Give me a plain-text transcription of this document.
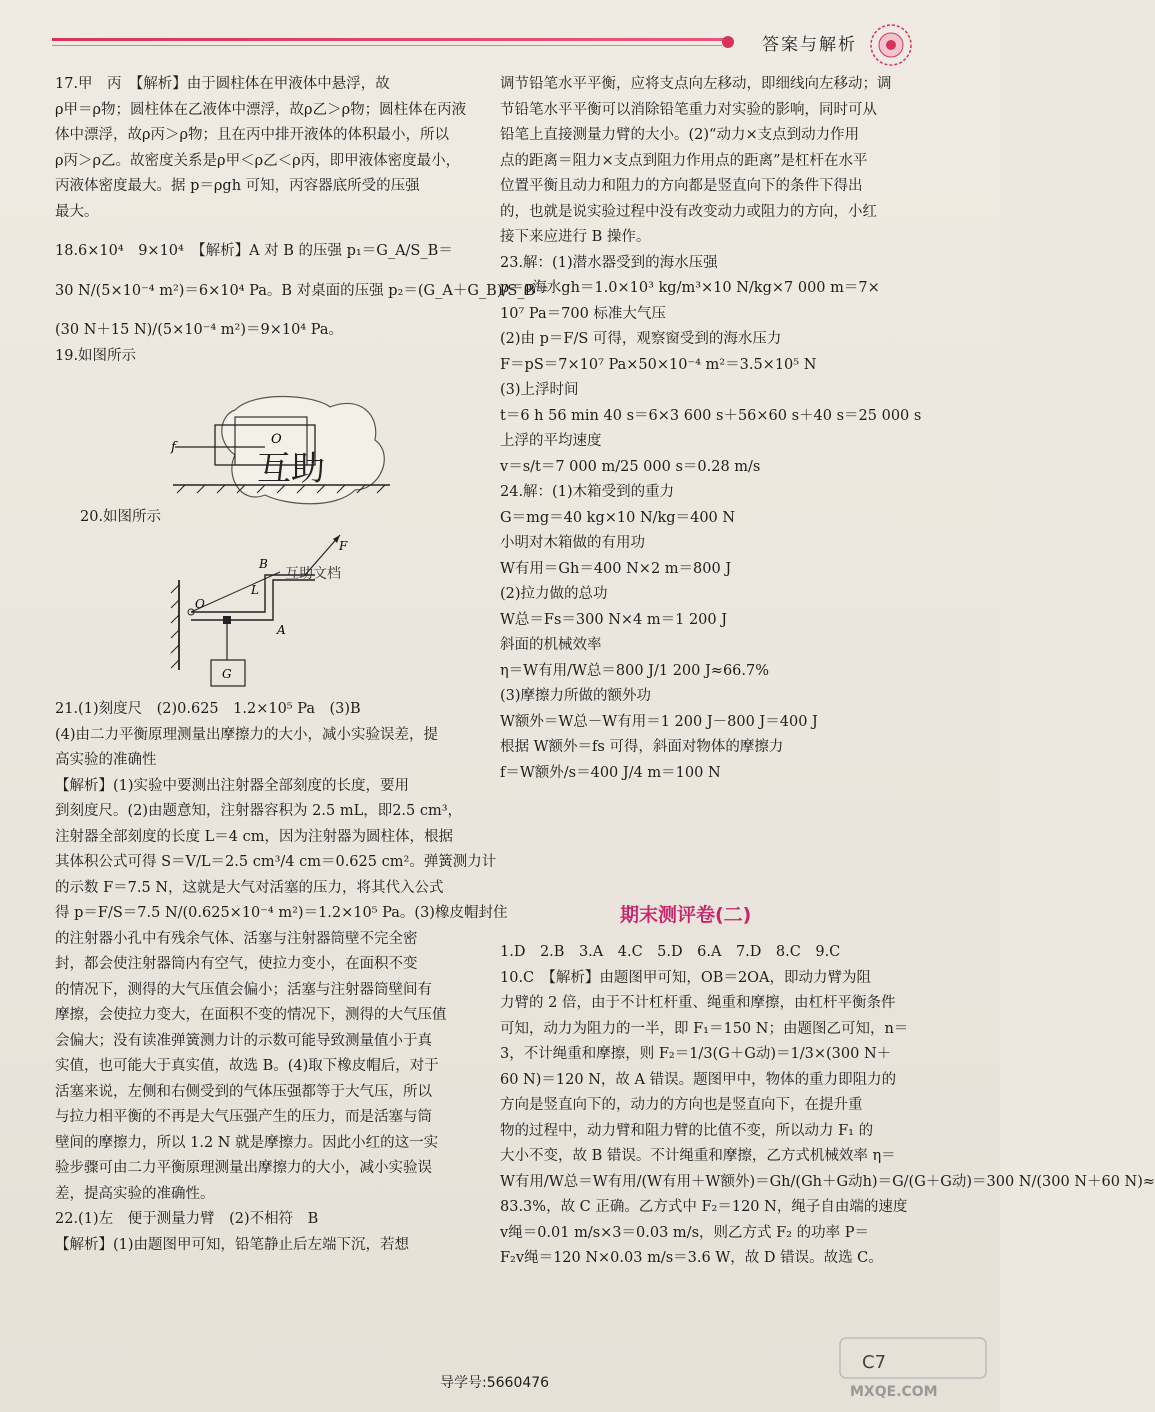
答案与解析

17.甲　丙　【解析】由于圆柱体在甲液体中悬浮，故

ρ甲＝ρ物；圆柱体在乙液体中漂浮，故ρ乙＞ρ物；圆柱体在丙液

体中漂浮，故ρ丙＞ρ物；且在丙中排开液体的体积最小，所以

ρ丙＞ρ乙。故密度关系是ρ甲＜ρ乙＜ρ丙，即甲液体密度最小，

丙液体密度最大。据 p＝ρgh 可知，丙容器底所受的压强

最大。

18.6×10⁴　9×10⁴　【解析】A 对 B 的压强 p₁＝G_A/S_B＝

30 N/(5×10⁻⁴ m²)＝6×10⁴ Pa。B 对桌面的压强 p₂＝(G_A＋G_B)/S_B＝

(30 N＋15 N)/(5×10⁻⁴ m²)＝9×10⁴ Pa。

19.如图所示

f
O
互助
20.如图所示
F
B
O
L
A
G
互助文档

21.(1)刻度尺　(2)0.625　1.2×10⁵ Pa　(3)B

(4)由二力平衡原理测量出摩擦力的大小，减小实验误差，提

高实验的准确性

【解析】(1)实验中要测出注射器全部刻度的长度，要用

到刻度尺。(2)由题意知，注射器容积为 2.5 mL，即2.5 cm³，

注射器全部刻度的长度 L＝4 cm，因为注射器为圆柱体，根据

其体积公式可得 S＝V/L＝2.5 cm³/4 cm＝0.625 cm²。弹簧测力计

的示数 F＝7.5 N，这就是大气对活塞的压力，将其代入公式

得 p＝F/S＝7.5 N/(0.625×10⁻⁴ m²)＝1.2×10⁵ Pa。(3)橡皮帽封住

的注射器小孔中有残余气体、活塞与注射器筒壁不完全密

封，都会使注射器筒内有空气，使拉力变小，在面积不变

的情况下，测得的大气压值会偏小；活塞与注射器筒壁间有

摩擦，会使拉力变大，在面积不变的情况下，测得的大气压值

会偏大；没有读准弹簧测力计的示数可能导致测量值小于真

实值，也可能大于真实值，故选 B。(4)取下橡皮帽后，对于

活塞来说，左侧和右侧受到的气体压强都等于大气压，所以

与拉力相平衡的不再是大气压强产生的压力，而是活塞与筒

壁间的摩擦力，所以 1.2 N 就是摩擦力。因此小红的这一实

验步骤可由二力平衡原理测量出摩擦力的大小，减小实验误

差，提高实验的准确性。

22.(1)左　便于测量力臂　(2)不相符　B

【解析】(1)由题图甲可知，铅笔静止后左端下沉，若想

调节铅笔水平平衡，应将支点向左移动，即细线向左移动；调

节铅笔水平平衡可以消除铅笔重力对实验的影响，同时可从

铅笔上直接测量力臂的大小。(2)“动力×支点到动力作用

点的距离＝阻力×支点到阻力作用点的距离”是杠杆在水平

位置平衡且动力和阻力的方向都是竖直向下的条件下得出

的，也就是说实验过程中没有改变动力或阻力的方向，小红

接下来应进行 B 操作。

23.解：(1)潜水器受到的海水压强

p＝ρ海水gh＝1.0×10³ kg/m³×10 N/kg×7 000 m＝7×

10⁷ Pa＝700 标准大气压

(2)由 p＝F/S 可得，观察窗受到的海水压力

F＝pS＝7×10⁷ Pa×50×10⁻⁴ m²＝3.5×10⁵ N

(3)上浮时间

t＝6 h 56 min 40 s＝6×3 600 s＋56×60 s＋40 s＝25 000 s

上浮的平均速度

v＝s/t＝7 000 m/25 000 s＝0.28 m/s

24.解：(1)木箱受到的重力

G＝mg＝40 kg×10 N/kg＝400 N

小明对木箱做的有用功

W有用＝Gh＝400 N×2 m＝800 J

(2)拉力做的总功

W总＝Fs＝300 N×4 m＝1 200 J

斜面的机械效率

η＝W有用/W总＝800 J/1 200 J≈66.7%

(3)摩擦力所做的额外功

W额外＝W总－W有用＝1 200 J－800 J＝400 J

根据 W额外＝fs 可得，斜面对物体的摩擦力

f＝W额外/s＝400 J/4 m＝100 N

期末测评卷(二)

1.D　2.B　3.A　4.C　5.D　6.A　7.D　8.C　9.C

10.C　【解析】由题图甲可知，OB＝2OA，即动力臂为阻

力臂的 2 倍，由于不计杠杆重、绳重和摩擦，由杠杆平衡条件

可知，动力为阻力的一半，即 F₁＝150 N；由题图乙可知，n＝

3，不计绳重和摩擦，则 F₂＝1/3(G＋G动)＝1/3×(300 N＋

60 N)＝120 N，故 A 错误。题图甲中，物体的重力即阻力的

方向是竖直向下的，动力的方向也是竖直向下，在提升重

物的过程中，动力臂和阻力臂的比值不变，所以动力 F₁ 的

大小不变，故 B 错误。不计绳重和摩擦，乙方式机械效率 η＝

W有用/W总＝W有用/(W有用＋W额外)＝Gh/(Gh＋G动h)＝G/(G＋G动)＝300 N/(300 N＋60 N)≈

83.3%，故 C 正确。乙方式中 F₂＝120 N，绳子自由端的速度

v绳＝0.01 m/s×3＝0.03 m/s，则乙方式 F₂ 的功率 P＝

F₂v绳＝120 N×0.03 m/s＝3.6 W，故 D 错误。故选 C。

导学号:5660476
C7
MXQE.COM
